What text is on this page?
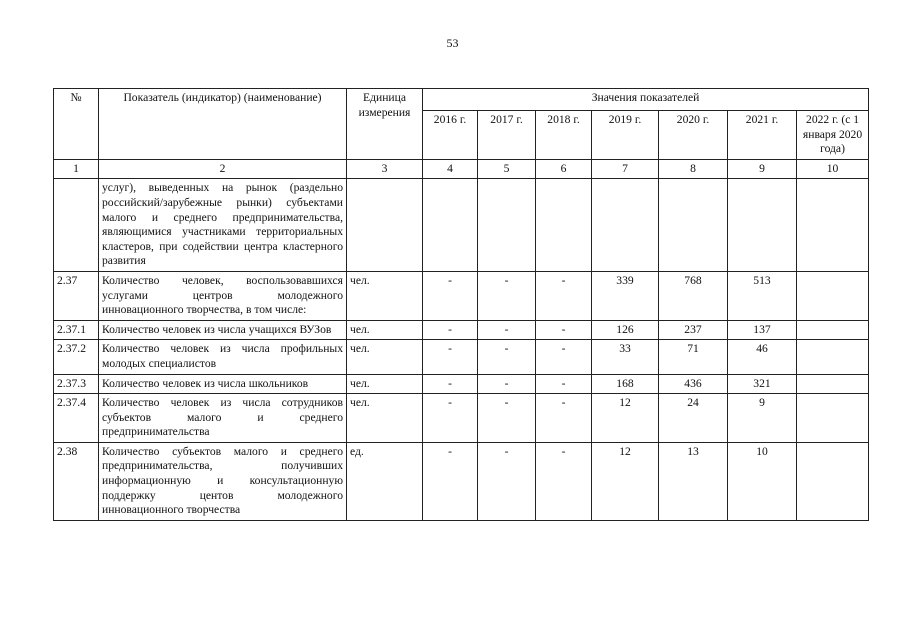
53
№	Показатель (индикатор) (наименование)	Единица измерения	Значения показателей						
			2016 г.	2017 г.	2018 г.	2019 г.	2020 г.	2021 г.	2022 г. (с 1 января 2020 года)
1	2	3	4	5	6	7	8	9	10
	услуг), выведенных на рынок (раздельно российский/зарубежные рынки) субъектами малого и среднего предпринимательства, являющимися участниками территориальных кластеров, при содействии центра кластерного развития								
2.37	Количество человек, воспользовавшихся услугами центров молодежного инновационного творчества, в том числе:	чел.	-	-	-	339	768	513	
2.37.1	Количество человек из числа учащихся ВУЗов	чел.	-	-	-	126	237	137	
2.37.2	Количество человек из числа профильных молодых специалистов	чел.	-	-	-	33	71	46	
2.37.3	Количество человек из числа школьников	чел.	-	-	-	168	436	321	
2.37.4	Количество человек из числа сотрудников субъектов малого и среднего предпринимательства	чел.	-	-	-	12	24	9	
2.38	Количество субъектов малого и среднего предпринимательства, получивших информационную и консультационную поддержку центов молодежного инновационного творчества	ед.	-	-	-	12	13	10	
